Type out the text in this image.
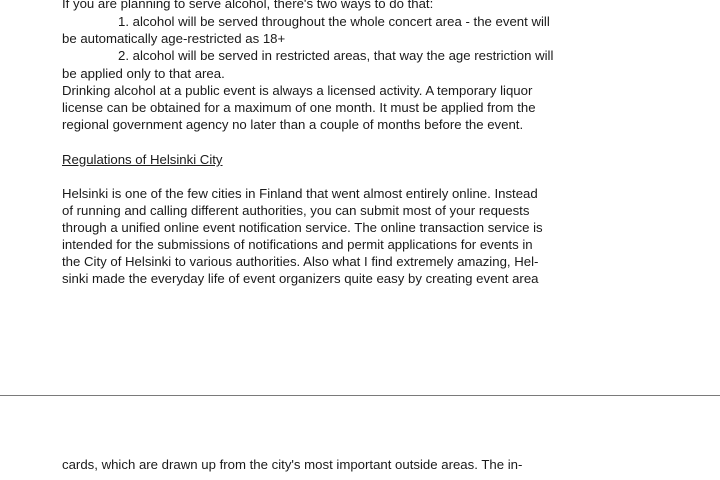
If you are planning to serve alcohol, there's two ways to do that:
1. alcohol will be served throughout the whole concert area - the event will
be automatically age-restricted as 18+
2. alcohol will be served in restricted areas, that way the age restriction will
be applied only to that area.
Drinking alcohol at a public event is always a licensed activity. A temporary liquor
license can be obtained for a maximum of one month. It must be applied from the
regional government agency no later than a couple of months before the event.
Regulations of Helsinki City
Helsinki is one of the few cities in Finland that went almost entirely online. Instead
of running and calling different authorities, you can submit most of your requests
through a unified online event notification service. The online transaction service is
intended for the submissions of notifications and permit applications for events in
the City of Helsinki to various authorities. Also what I find extremely amazing, Hel-
sinki made the everyday life of event organizers quite easy by creating event area
cards, which are drawn up from the city's most important outside areas. The in-
